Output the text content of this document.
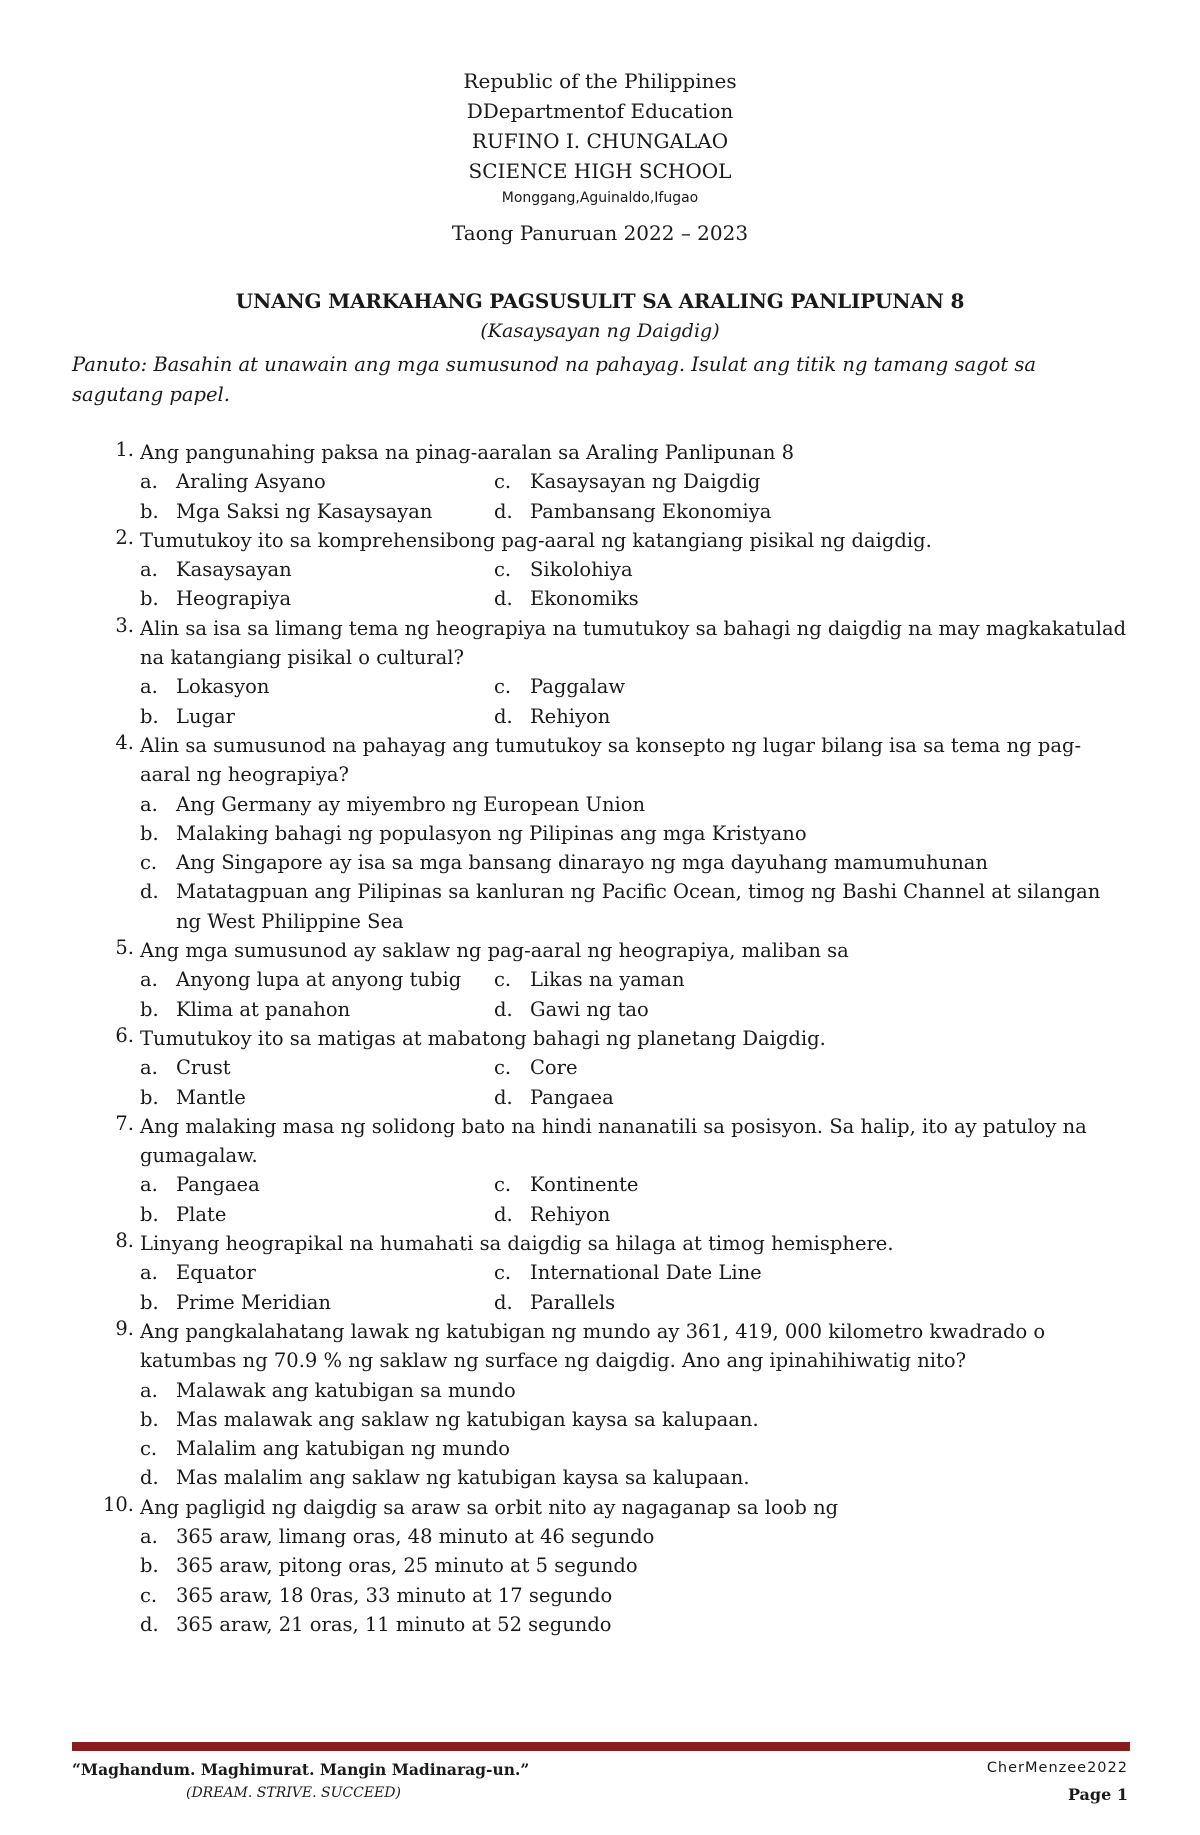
Republic of the Philippines
DDepartmentof Education
RUFINO I. CHUNGALAO
SCIENCE HIGH SCHOOL
Monggang,Aguinaldo,Ifugao
Taong Panuruan 2022 – 2023
UNANG MARKAHANG PAGSUSULIT SA ARALING PANLIPUNAN 8
(Kasaysayan ng Daigdig)
Panuto: Basahin at unawain ang mga sumusunod na pahayag. Isulat ang titik ng tamang sagot sa sagutang papel.
1. Ang pangunahing paksa na pinag-aaralan sa Araling Panlipunan 8
a. Araling Asyano	c. Kasaysayan ng Daigdig
b. Mga Saksi ng Kasaysayan	d. Pambansang Ekonomiya
2. Tumutukoy ito sa komprehensibong pag-aaral ng katangiang pisikal ng daigdig.
a. Kasaysayan	c. Sikolohiya
b. Heograpiya	d. Ekonomiks
3. Alin sa isa sa limang tema ng heograpiya na tumutukoy sa bahagi ng daigdig na may magkakatulad na katangiang pisikal o cultural?
a. Lokasyon	c. Paggalaw
b. Lugar	d. Rehiyon
4. Alin sa sumusunod na pahayag ang tumutukoy sa konsepto ng lugar bilang isa sa tema ng pag-aaral ng heograpiya?
a. Ang Germany ay miyembro ng European Union
b. Malaking bahagi ng populasyon ng Pilipinas ang mga Kristyano
c. Ang Singapore ay isa sa mga bansang dinarayo ng mga dayuhang mamumuhunan
d. Matatagpuan ang Pilipinas sa kanluran ng Pacific Ocean, timog ng Bashi Channel at silangan ng West Philippine Sea
5. Ang mga sumusunod ay saklaw ng pag-aaral ng heograpiya, maliban sa
a. Anyong lupa at anyong tubig	c. Likas na yaman
b. Klima at panahon	d. Gawi ng tao
6. Tumutukoy ito sa matigas at mabatong bahagi ng planetang Daigdig.
a. Crust	c. Core
b. Mantle	d. Pangaea
7. Ang malaking masa ng solidong bato na hindi nananatili sa posisyon. Sa halip, ito ay patuloy na gumagalaw.
a. Pangaea	c. Kontinente
b. Plate	d. Rehiyon
8. Linyang heograpikal na humahati sa daigdig sa hilaga at timog hemisphere.
a. Equator	c. International Date Line
b. Prime Meridian	d. Parallels
9. Ang pangkalahatang lawak ng katubigan ng mundo ay 361, 419, 000 kilometro kwadrado o katumbas ng 70.9 % ng saklaw ng surface ng daigdig. Ano ang ipinahihiwatig nito?
a. Malawak ang katubigan sa mundo
b. Mas malawak ang saklaw ng katubigan kaysa sa kalupaan.
c. Malalim ang katubigan ng mundo
d. Mas malalim ang saklaw ng katubigan kaysa sa kalupaan.
10. Ang pagligid ng daigdig sa araw sa orbit nito ay nagaganap sa loob ng
a. 365 araw, limang oras, 48 minuto at 46 segundo
b. 365 araw, pitong oras, 25 minuto at 5 segundo
c. 365 araw, 18 0ras, 33 minuto at 17 segundo
d. 365 araw, 21 oras, 11 minuto at 52 segundo
“Maghandum. Maghimurat. Mangin Madinarag-un.”
(DREAM. STRIVE. SUCCEED)
CherMenzee2022
Page 1
